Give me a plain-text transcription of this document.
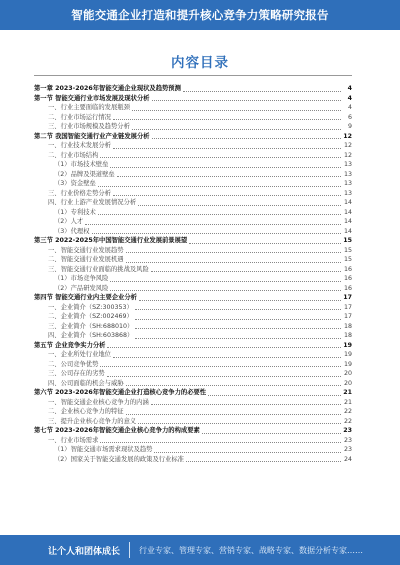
智能交通企业打造和提升核心竞争力策略研究报告
内容目录
第一章 2023-2026年智能交通企业现状及趋势预测	4
第一节 智能交通行业市场发展及现状分析	4
一、行业主要面临的发展瓶颈	4
二、行业市场运行情况	6
三、行业市场规模及趋势分析	9
第二节 我国智能交通行业产业链发展分析	12
一、行业技术发展分析	12
二、行业市场结构	12
（1）市场技术壁垒	13
（2）品牌及渠道壁垒	13
（3）资金壁垒	13
三、行业价格走势分析	13
四、行业上游产业发展情况分析	14
（1）专利技术	14
（2）人才	14
（3）代理权	14
第三节 2022-2025年中国智能交通行业发展前景展望	15
一、智能交通行业发展趋势	15
二、智能交通行业发展机遇	15
三、智能交通行业面临的挑战及风险	16
（1）市场竞争风险	16
（2）产品研发风险	16
第四节 智能交通行业内主要企业分析	17
一、企业简介（SZ:300353）	17
二、企业简介（SZ:002469）	17
三、企业简介（SH:688010）	18
四、企业简介（SH:603868）	18
第五节 企业竞争实力分析	19
一、企业所处行业地位	19
二、公司竞争优势	19
三、公司存在的劣势	20
四、公司面临的机会与威胁	20
第六节 2023-2026年智能交通企业打造核心竞争力的必要性	21
一、智能交通企业核心竞争力的内涵	21
二、企业核心竞争力的特征	22
三、提升企业核心竞争力的意义	22
第七节 2023-2026年智能交通企业核心竞争力的构成要素	23
一、行业市场需求	23
（1）智能交通市场需求现状及趋势	23
（2）国家关于智能交通发展的政策及行业标准	24
让个人和团体成长 行业专家、管理专家、营销专家、战略专家、数据分析专家……
